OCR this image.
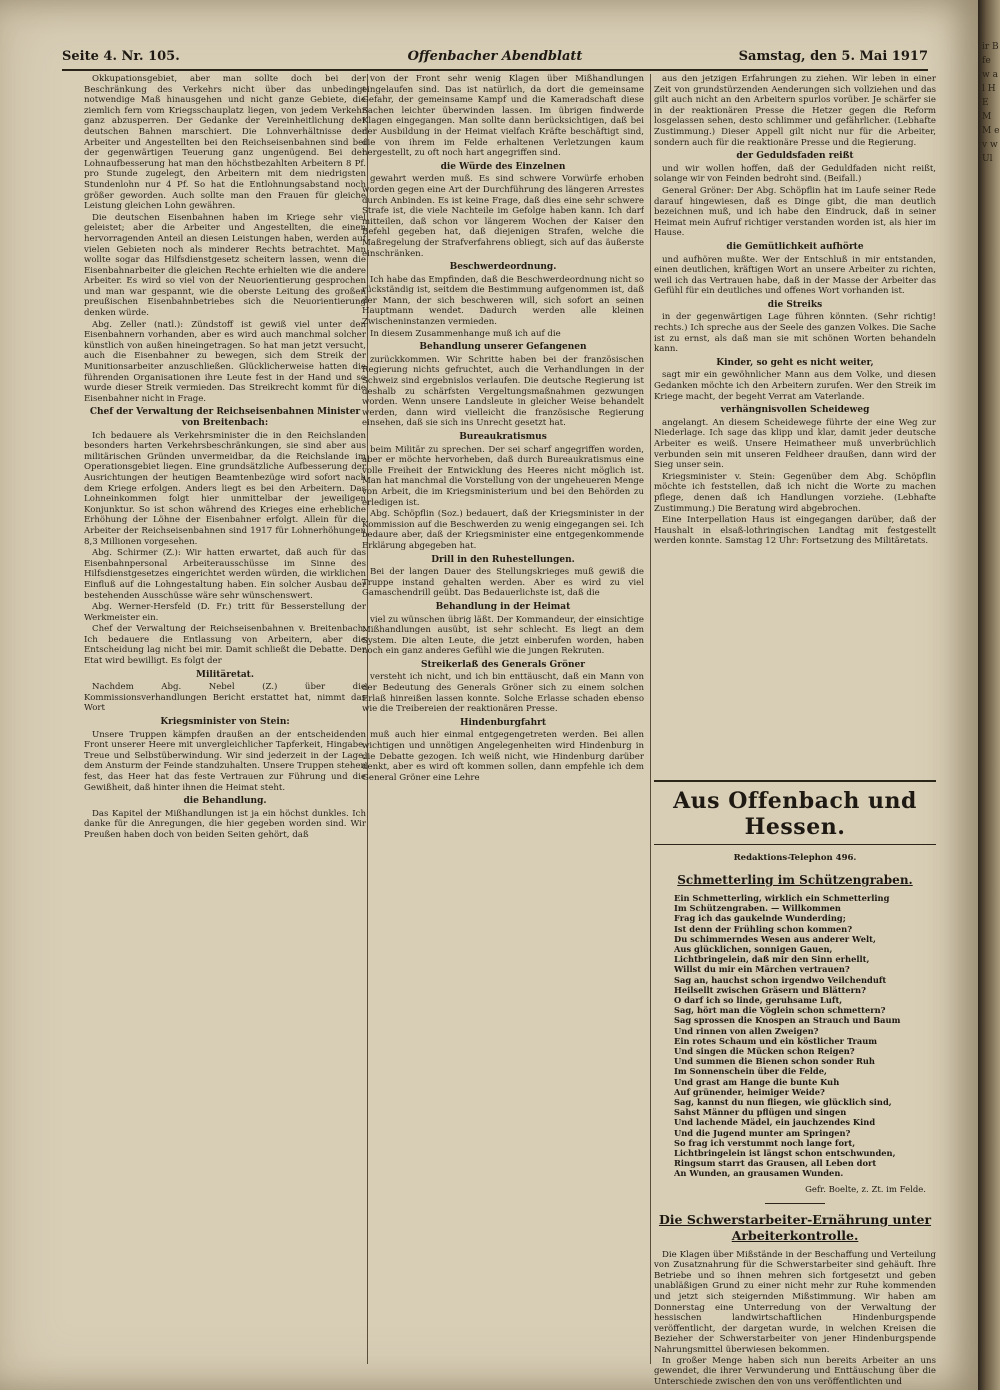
Seite 4. Nr. 105.	Offenbacher Abendblatt	Samstag, den 5. Mai 1917

Okkupationsgebiet, aber man sollte doch bei der Beschränkung des Verkehrs nicht über das unbedingt notwendige Maß hinausgehen und nicht ganze Gebiete, die ziemlich fern vom Kriegsschauplatz liegen, von jedem Verkehr ganz abzusperren. Der Gedanke der Vereinheitlichung der deutschen Bahnen marschiert. Die Lohnverhältnisse der Arbeiter und Angestellten bei den Reichseisenbahnen sind bei der gegenwärtigen Teuerung ganz ungenügend. Bei der Lohnaufbesserung hat man den höchstbezahlten Arbeitern 8 Pf. pro Stunde zugelegt, den Arbeitern mit dem niedrigsten Stundenlohn nur 4 Pf. So hat die Entlohnungsabstand noch größer geworden. Auch sollte man den Frauen für gleiche Leistung gleichen Lohn gewähren.

Die deutschen Eisenbahnen haben im Kriege sehr viel geleistet; aber die Arbeiter und Angestellten, die einen hervorragenden Anteil an diesen Leistungen haben, werden auf vielen Gebieten noch als minderer Rechts betrachtet. Man wollte sogar das Hilfsdienstgesetz scheitern lassen, wenn die Eisenbahnarbeiter die gleichen Rechte erhielten wie die andere Arbeiter. Es wird so viel von der Neuorientierung gesprochen und man war gespannt, wie die oberste Leitung des großen preußischen Eisenbahnbetriebes sich die Neuorientierung denken würde.

Abg. Zeller (natl.): Zündstoff ist gewiß viel unter den Eisenbahnern vorhanden, aber es wird auch manchmal solcher künstlich von außen hineingetragen. So hat man jetzt versucht, auch die Eisenbahner zu bewegen, sich dem Streik der Munitionsarbeiter anzuschließen. Glücklicherweise hatten die führenden Organisationen ihre Leute fest in der Hand und so wurde dieser Streik vermieden. Das Streikrecht kommt für die Eisenbahner nicht in Frage.

Chef der Verwaltung der Reichseisenbahnen Minister von Breitenbach:

Ich bedauere als Verkehrsminister die in den Reichslanden besonders harten Verkehrsbeschränkungen, sie sind aber aus militärischen Gründen unvermeidbar, da die Reichslande im Operationsgebiet liegen. Eine grundsätzliche Aufbesserung der Ausrichtungen der heutigen Beamtenbezüge wird sofort nach dem Kriege erfolgen. Anders liegt es bei den Arbeitern. Das Lohneinkommen folgt hier unmittelbar der jeweiligen Konjunktur. So ist schon während des Krieges eine erhebliche Erhöhung der Löhne der Eisenbahner erfolgt. Allein für die Arbeiter der Reichseisenbahnen sind 1917 für Lohnerhöhungen 8,3 Millionen vorgesehen.

Abg. Schirmer (Z.): Wir hatten erwartet, daß auch für das Eisenbahnpersonal Arbeiterausschüsse im Sinne des Hilfsdienstgesetzes eingerichtet werden würden, die wirklichen Einfluß auf die Lohngestaltung haben. Ein solcher Ausbau der bestehenden Ausschüsse wäre sehr wünschenswert.

Abg. Werner-Hersfeld (D. Fr.) tritt für Besserstellung der Werkmeister ein.

Chef der Verwaltung der Reichseisenbahnen v. Breitenbach: Ich bedauere die Entlassung von Arbeitern, aber die Entscheidung lag nicht bei mir. Damit schließt die Debatte. Der Etat wird bewilligt. Es folgt der

Militäretat.

Nachdem Abg. Nebel (Z.) über die Kommissionsverhandlungen Bericht erstattet hat, nimmt das Wort

Kriegsminister von Stein:

Unsere Truppen kämpfen draußen an der entscheidenden Front unserer Heere mit unvergleichlicher Tapferkeit, Hingabe, Treue und Selbstüberwindung. Wir sind jederzeit in der Lage, dem Ansturm der Feinde standzuhalten. Unsere Truppen stehen fest, das Heer hat das feste Vertrauen zur Führung und die Gewißheit, daß hinter ihnen die Heimat steht.

die Behandlung.

Das Kapitel der Mißhandlungen ist ja ein höchst dunkles. Ich danke für die Anregungen, die hier gegeben worden sind. Wir Preußen haben doch von beiden Seiten gehört, daß

von der Front sehr wenig Klagen über Mißhandlungen eingelaufen sind. Das ist natürlich, da dort die gemeinsame Gefahr, der gemeinsame Kampf und die Kameradschaft diese Sachen leichter überwinden lassen. Im übrigen findwerde Klagen eingegangen. Man sollte dann berücksichtigen, daß bei der Ausbildung in der Heimat vielfach Kräfte beschäftigt sind, die von ihrem im Felde erhaltenen Verletzungen kaum hergestellt, zu oft noch hart angegriffen sind.

die Würde des Einzelnen

gewahrt werden muß. Es sind schwere Vorwürfe erhoben worden gegen eine Art der Durchführung des längeren Arrestes durch Anbinden. Es ist keine Frage, daß dies eine sehr schwere Strafe ist, die viele Nachteile im Gefolge haben kann. Ich darf mitteilen, daß schon vor längerem Wochen der Kaiser den Befehl gegeben hat, daß diejenigen Strafen, welche die Maßregelung der Strafverfahrens obliegt, sich auf das äußerste einschränken.

Beschwerdeordnung.

Ich habe das Empfinden, daß die Beschwerdeordnung nicht so rückständig ist, seitdem die Bestimmung aufgenommen ist, daß der Mann, der sich beschweren will, sich sofort an seinen Hauptmann wendet. Dadurch werden alle kleinen Zwischeninstanzen vermieden.

In diesem Zusammenhange muß ich auf die

Behandlung unserer Gefangenen

zurückkommen. Wir Schritte haben bei der französischen Regierung nichts gefruchtet, auch die Verhandlungen in der Schweiz sind ergebnislos verlaufen. Die deutsche Regierung ist deshalb zu schärfsten Vergeltungsmaßnahmen gezwungen worden. Wenn unsere Landsleute in gleicher Weise behandelt werden, dann wird vielleicht die französische Regierung einsehen, daß sie sich ins Unrecht gesetzt hat.

Bureaukratismus

beim Militär zu sprechen. Der sei scharf angegriffen worden, aber er möchte hervorheben, daß durch Bureaukratismus eine volle Freiheit der Entwicklung des Heeres nicht möglich ist. Man hat manchmal die Vorstellung von der ungeheueren Menge von Arbeit, die im Kriegsministerium und bei den Behörden zu erledigen ist.

Abg. Schöpflin (Soz.) bedauert, daß der Kriegsminister in der Kommission auf die Beschwerden zu wenig eingegangen sei. Ich bedaure aber, daß der Kriegsminister eine entgegenkommende Erklärung abgegeben hat.

Drill in den Ruhestellungen.

Bei der langen Dauer des Stellungskrieges muß gewiß die Truppe instand gehalten werden. Aber es wird zu viel Gamaschendrill geübt. Das Bedauerlichste ist, daß die

Behandlung in der Heimat

viel zu wünschen übrig läßt. Der Kommandeur, der einsichtige Mißhandlungen ausübt, ist sehr schlecht. Es liegt an dem System. Die alten Leute, die jetzt einberufen worden, haben noch ein ganz anderes Gefühl wie die jungen Rekruten.

Streikerlaß des Generals Gröner

versteht ich nicht, und ich bin enttäuscht, daß ein Mann von der Bedeutung des Generals Gröner sich zu einem solchen Erlaß hinreißen lassen konnte. Solche Erlasse schaden ebenso wie die Treibereien der reaktionären Presse.

Hindenburgfahrt

muß auch hier einmal entgegengetreten werden. Bei allen wichtigen und unnötigen Angelegenheiten wird Hindenburg in die Debatte gezogen. Ich weiß nicht, wie Hindenburg darüber denkt, aber es wird oft kommen sollen, dann empfehle ich dem General Gröner eine Lehre

aus den jetzigen Erfahrungen zu ziehen. Wir leben in einer Zeit von grundstürzenden Aenderungen sich vollziehen und das gilt auch nicht an den Arbeitern spurlos vorüber. Je schärfer sie in der reaktionären Presse die Hetzer gegen die Reform losgelassen sehen, desto schlimmer und gefährlicher. (Lebhafte Zustimmung.) Dieser Appell gilt nicht nur für die Arbeiter, sondern auch für die reaktionäre Presse und die Regierung.

der Geduldsfaden reißt

und wir wollen hoffen, daß der Geduldfaden nicht reißt, solange wir von Feinden bedroht sind. (Beifall.)

General Gröner: Der Abg. Schöpflin hat im Laufe seiner Rede darauf hingewiesen, daß es Dinge gibt, die man deutlich bezeichnen muß, und ich habe den Eindruck, daß in seiner Heimat mein Aufruf richtiger verstanden worden ist, als hier im Hause.

die Gemütlichkeit aufhörte

und aufhören mußte. Wer der Entschluß in mir entstanden, einen deutlichen, kräftigen Wort an unsere Arbeiter zu richten, weil ich das Vertrauen habe, daß in der Masse der Arbeiter das Gefühl für ein deutliches und offenes Wort vorhanden ist.

die Streiks

in der gegenwärtigen Lage führen könnten. (Sehr richtig! rechts.) Ich spreche aus der Seele des ganzen Volkes. Die Sache ist zu ernst, als daß man sie mit schönen Worten behandeln kann.

Kinder, so geht es nicht weiter,

sagt mir ein gewöhnlicher Mann aus dem Volke, und diesen Gedanken möchte ich den Arbeitern zurufen. Wer den Streik im Kriege macht, der begeht Verrat am Vaterlande.

verhängnisvollen Scheideweg

angelangt. An diesem Scheidewege führte der eine Weg zur Niederlage. Ich sage das klipp und klar, damit jeder deutsche Arbeiter es weiß. Unsere Heimatheer muß unverbrüchlich verbunden sein mit unseren Feldheer draußen, dann wird der Sieg unser sein.

Kriegsminister v. Stein: Gegenüber dem Abg. Schöpflin möchte ich feststellen, daß ich nicht die Worte zu machen pflege, denen daß ich Handlungen vorziehe. (Lebhafte Zustimmung.) Die Beratung wird abgebrochen.

Eine Interpellation Haus ist eingegangen darüber, daß der Haushalt in elsaß-lothringischen Landtag mit festgestellt werden konnte. Samstag 12 Uhr: Fortsetzung des Militäretats.

Aus Offenbach und Hessen.
Redaktions-Telephon 496.
Schmetterling im Schützengraben.
Ein Schmetterling, wirklich ein Schmetterling
Im Schützengraben. — Willkommen
Frag ich das gaukelnde Wunderding;
Ist denn der Frühling schon kommen?
Du schimmerndes Wesen aus anderer Welt,
Aus glücklichen, sonnigen Gauen,
Lichtbringelein, daß mir den Sinn erhellt,
Willst du mir ein Märchen vertrauen?
Sag an, hauchst schon irgendwo Veilchenduft
Heilsellt zwischen Gräsern und Blättern?
O darf ich so linde, geruhsame Luft,
Sag, hört man die Vöglein schon schmettern?
Sag sprossen die Knospen an Strauch und Baum
Und rinnen von allen Zweigen?
Ein rotes Schaum und ein köstlicher Traum
Und singen die Mücken schon Reigen?
Und summen die Bienen schon sonder Ruh
Im Sonnenschein über die Felde,
Und grast am Hange die bunte Kuh
Auf grünender, heimiger Weide?
Sag, kannst du nun fliegen, wie glücklich sind,
Sahst Männer du pflügen und singen
Und lachende Mädel, ein jauchzendes Kind
Und die Jugend munter am Springen?
So frag ich verstummt noch lange fort,
Lichtbringelein ist längst schon entschwunden,
Ringsum starrt das Grausen, all Leben dort
An Wunden, an grausamen Wunden.
Gefr. Boelte, z. Zt. im Felde.
Die Schwerstarbeiter-Ernährung unter Arbeiterkontrolle.

Die Klagen über Mißstände in der Beschaffung und Verteilung von Zusatznahrung für die Schwerstarbeiter sind gehäuft. Ihre Betriebe und so ihnen mehren sich fortgesetzt und geben unabläßigen Grund zu einer nicht mehr zur Ruhe kommenden und jetzt sich steigernden Mißstimmung. Wir haben am Donnerstag eine Unterredung von der Verwaltung der hessischen landwirtschaftlichen Hindenburgspende veröffentlicht, der dargetan wurde, in welchen Kreisen die Bezieher der Schwerstarbeiter von jener Hindenburgspende Nahrungsmittel überwiesen bekommen.

In großer Menge haben sich nun bereits Arbeiter an uns gewendet, die ihrer Verwunderung und Enttäuschung über die Unterschiede zwischen den von uns veröffentlichten und

ir B fe w al H E M M ev w Ul
